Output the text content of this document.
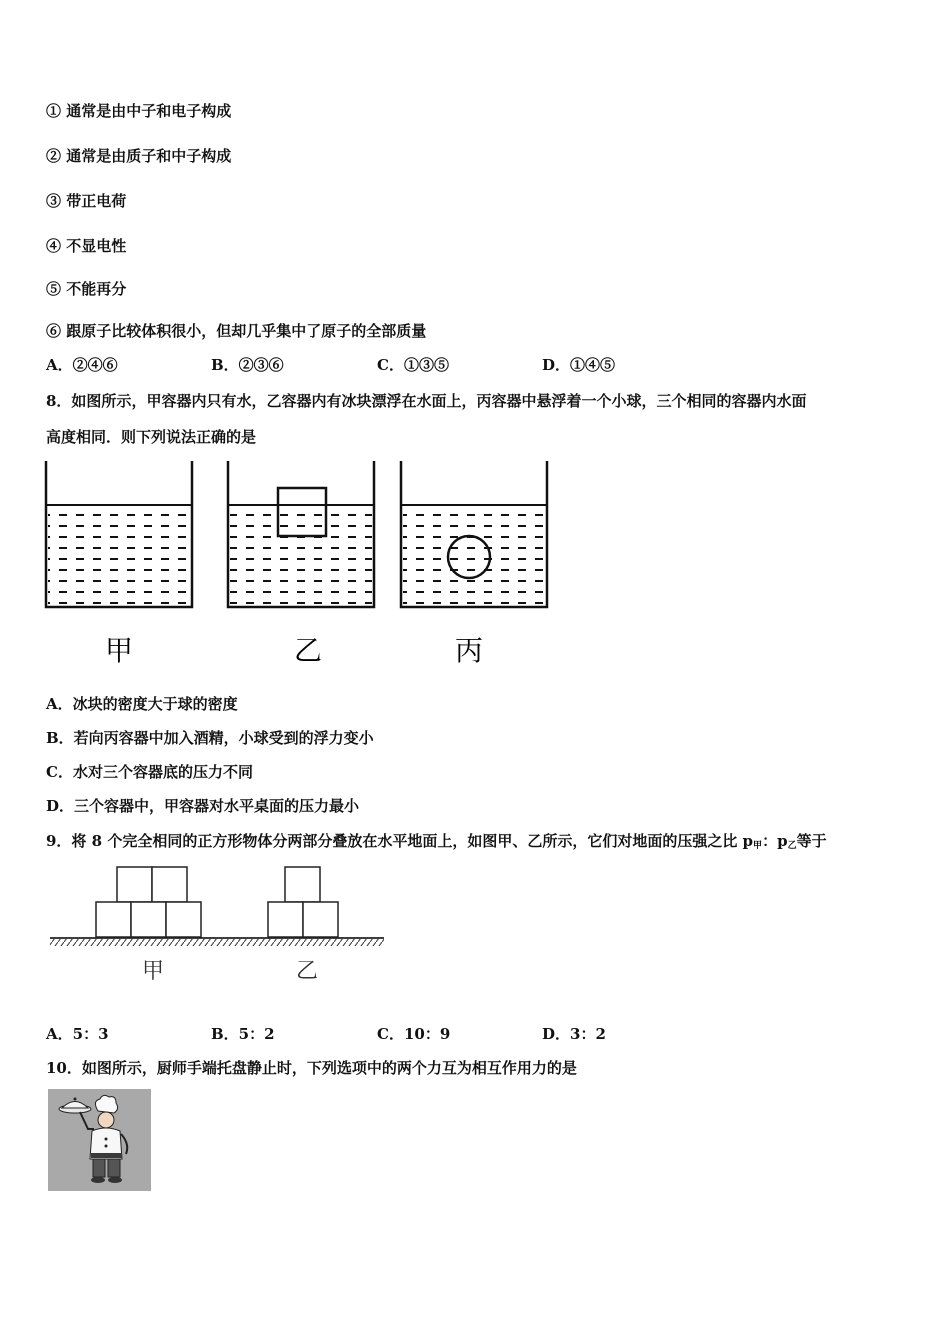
① 通常是由中子和电子构成
② 通常是由质子和中子构成
③ 带正电荷
④ 不显电性
⑤ 不能再分
⑥ 跟原子比较体积很小，但却几乎集中了原子的全部质量
A．②④⑥	B．②③⑥	C．①③⑤	D．①④⑤
8．如图所示，甲容器内只有水，乙容器内有冰块漂浮在水面上，丙容器中悬浮着一个小球，三个相同的容器内水面
高度相同．则下列说法正确的是
甲	乙	丙
A．冰块的密度大于球的密度
B．若向丙容器中加入酒精，小球受到的浮力变小
C．水对三个容器底的压力不同
D．三个容器中，甲容器对水平桌面的压力最小
9．将 8 个完全相同的正方形物体分两部分叠放在水平地面上，如图甲、乙所示，它们对地面的压强之比 $p_甲$：$p_乙$等于
甲	乙
A．5：3	B．5：2	C．10：9	D．3：2
10．如图所示，厨师手端托盘静止时，下列选项中的两个力互为相互作用力的是
